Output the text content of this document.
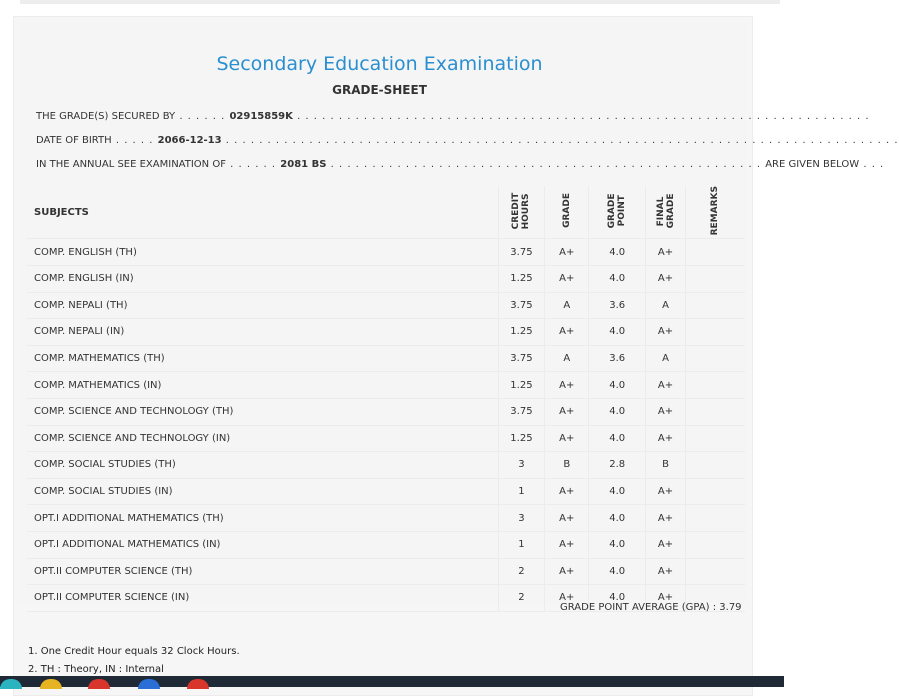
Secondary Education Examination
GRADE-SHEET
THE GRADE(S) SECURED BY . . . . . . 02915859K . . . . . . . . . . . . . . . . . . . . . . . . . . . . . . . . . . . . . . . . . . . . . . . . . . . . . . . . . . . . . . . . . . . . .
DATE OF BIRTH . . . . . 2066-12-13 . . . . . . . . . . . . . . . . . . . . . . . . . . . . . . . . . . . . . . . . . . . . . . . . . . . . . . . . . . . . . . . . . . . . . . . . . . . . . . . . .
IN THE ANNUAL SEE EXAMINATION OF . . . . . . 2081 BS . . . . . . . . . . . . . . . . . . . . . . . . . . . . . . . . . . . . . . . . . . . . . . . . . . . . ARE GIVEN BELOW . . .
SUBJECTS	CREDIT HOURS	GRADE	GRADE POINT	FINAL GRADE	REMARKS
COMP. ENGLISH (TH)	3.75	A+	4.0	A+	
COMP. ENGLISH (IN)	1.25	A+	4.0	A+	
COMP. NEPALI (TH)	3.75	A	3.6	A	
COMP. NEPALI (IN)	1.25	A+	4.0	A+	
COMP. MATHEMATICS (TH)	3.75	A	3.6	A	
COMP. MATHEMATICS (IN)	1.25	A+	4.0	A+	
COMP. SCIENCE AND TECHNOLOGY (TH)	3.75	A+	4.0	A+	
COMP. SCIENCE AND TECHNOLOGY (IN)	1.25	A+	4.0	A+	
COMP. SOCIAL STUDIES (TH)	3	B	2.8	B	
COMP. SOCIAL STUDIES (IN)	1	A+	4.0	A+	
OPT.I ADDITIONAL MATHEMATICS (TH)	3	A+	4.0	A+	
OPT.I ADDITIONAL MATHEMATICS (IN)	1	A+	4.0	A+	
OPT.II COMPUTER SCIENCE (TH)	2	A+	4.0	A+	
OPT.II COMPUTER SCIENCE (IN)	2	A+	4.0	A+	
GRADE POINT AVERAGE (GPA) : 3.79
1. One Credit Hour equals 32 Clock Hours.
2. TH : Theory, IN : Internal
